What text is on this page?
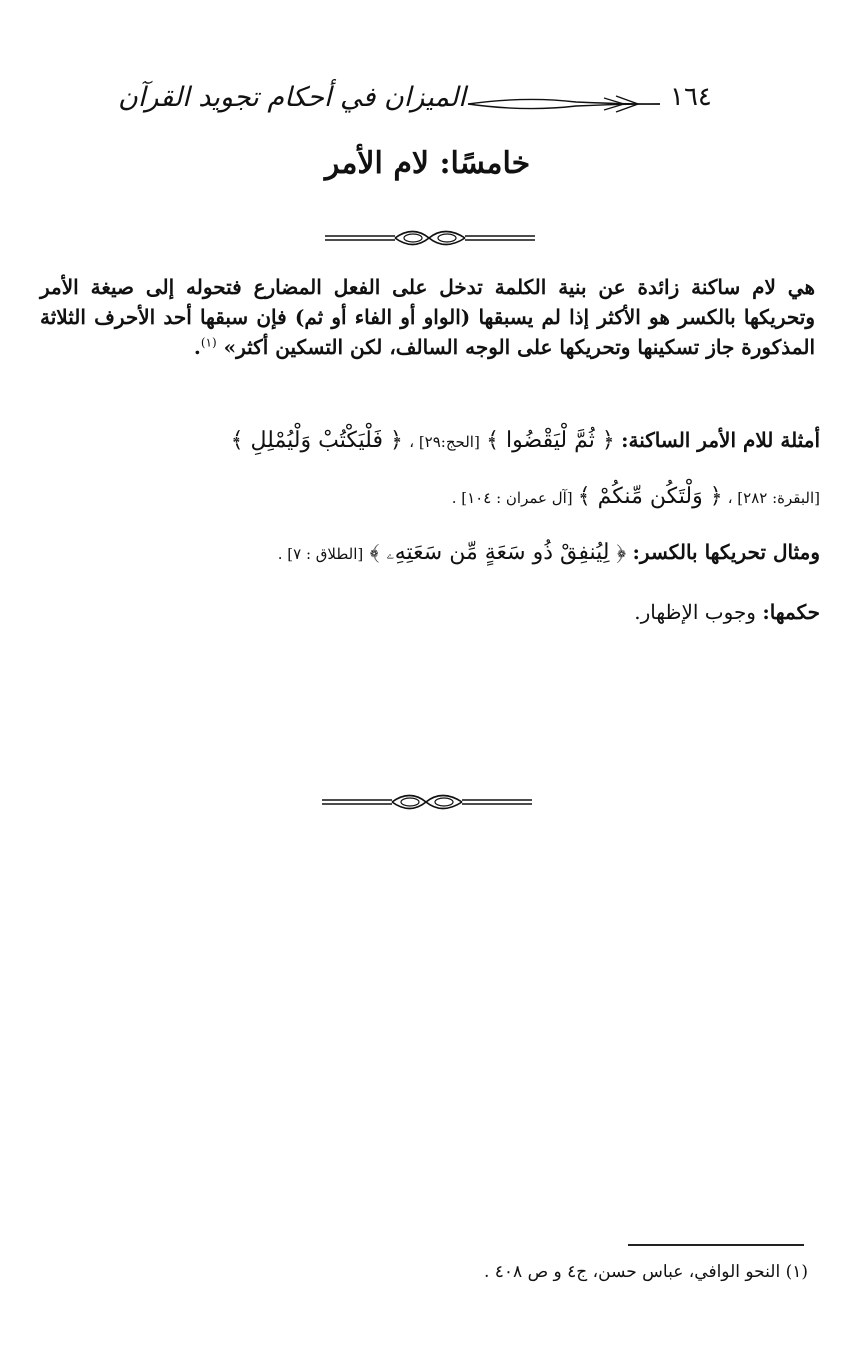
الميزان في أحكام تجويد القرآن	١٦٤
خامسًا: لام الأمر
هي لام ساكنة زائدة عن بنية الكلمة تدخل على الفعل المضارع فتحوله إلى صيغة الأمر وتحريكها بالكسر هو الأكثر إذا لم يسبقها (الواو أو الفاء أو ثم) فإن سبقها أحد الأحرف الثلاثة المذكورة جاز تسكينها وتحريكها على الوجه السالف، لكن التسكين أكثر» $^{(١)}$.
أمثلة للام الأمر الساكنة: ﴿ ثُمَّ لْيَقْضُوا ﴾ [الحج:٢٩] ، ﴿ فَلْيَكْتُبْ وَلْيُمْلِلِ ﴾
[البقرة: ٢٨٢] ، ﴿ وَلْتَكُن مِّنكُمْ ﴾ [آل عمران : ١٠٤] .
ومثال تحريكها بالكسر: ﴿ لِيُنفِقْ ذُو سَعَةٍ مِّن سَعَتِهِۦ ﴾ [الطلاق : ٧] .
حكمها: وجوب الإظهار.
(١) النحو الوافي، عباس حسن، ج٤ و ص ٤٠٨ .
